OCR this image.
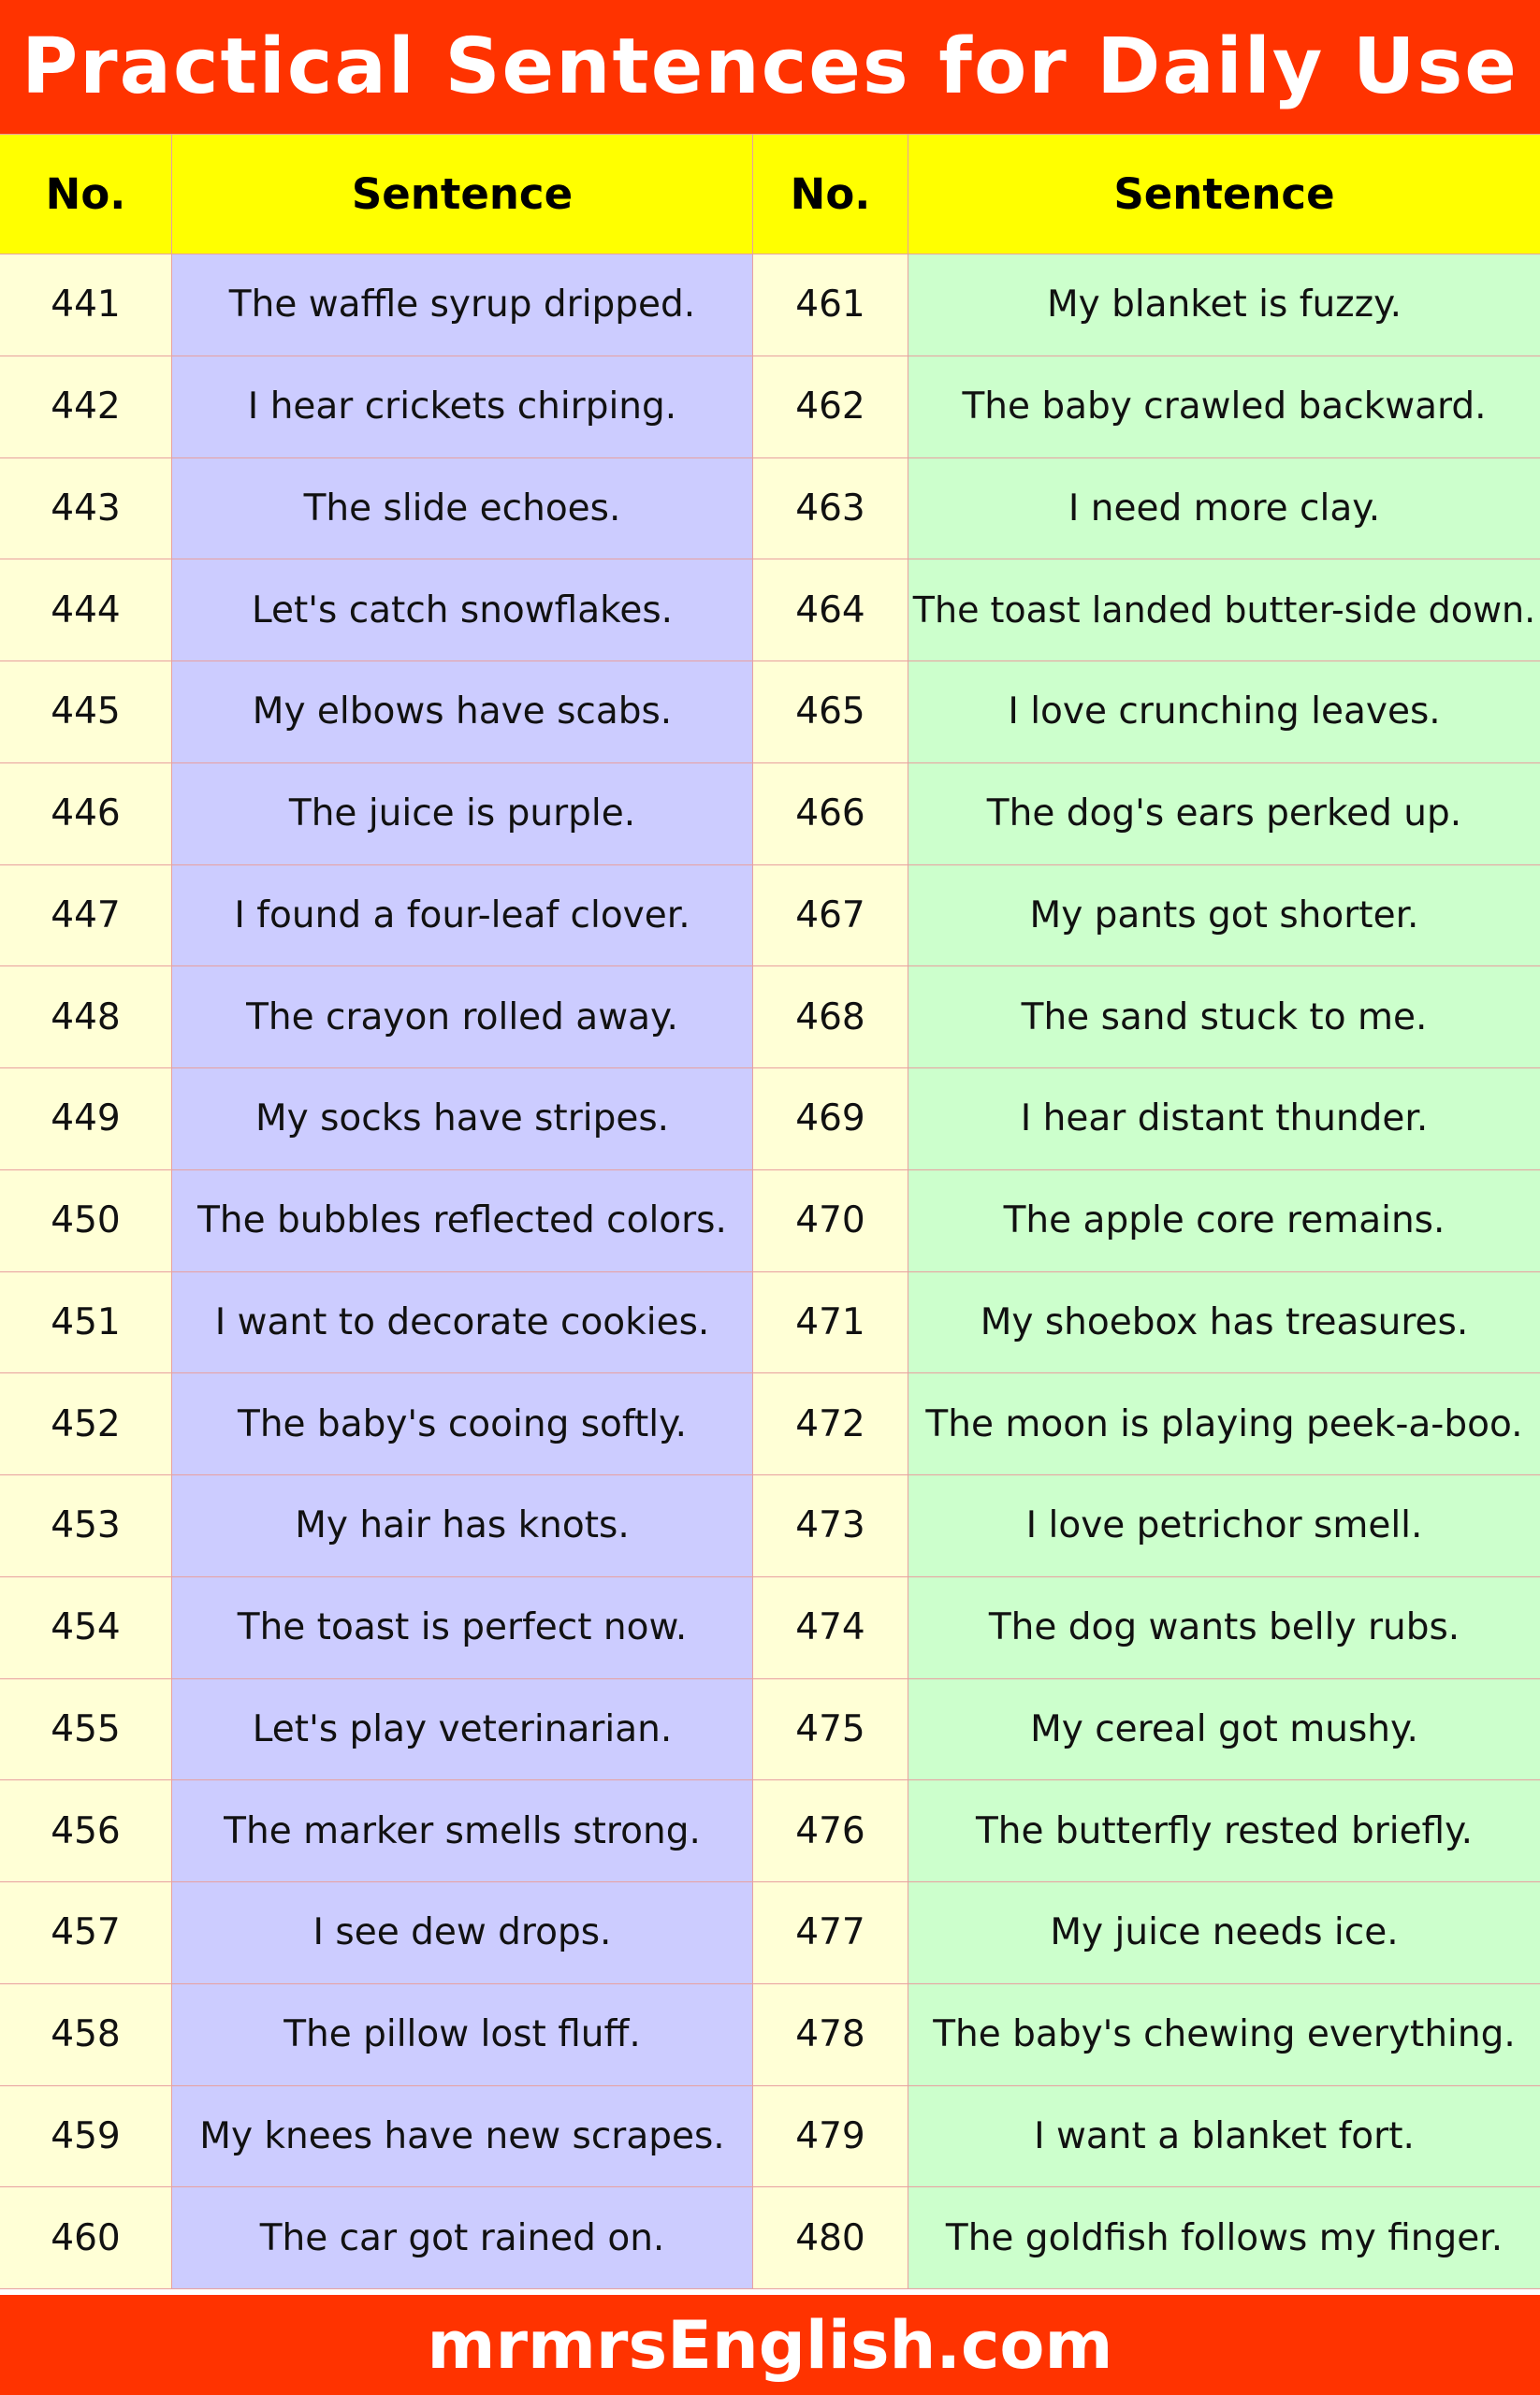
Practical Sentences for Daily Use
No.	Sentence	No.	Sentence
441	The waffle syrup dripped.	461	My blanket is fuzzy.
442	I hear crickets chirping.	462	The baby crawled backward.
443	The slide echoes.	463	I need more clay.
444	Let's catch snowflakes.	464	The toast landed butter-side down.
445	My elbows have scabs.	465	I love crunching leaves.
446	The juice is purple.	466	The dog's ears perked up.
447	I found a four-leaf clover.	467	My pants got shorter.
448	The crayon rolled away.	468	The sand stuck to me.
449	My socks have stripes.	469	I hear distant thunder.
450	The bubbles reflected colors.	470	The apple core remains.
451	I want to decorate cookies.	471	My shoebox has treasures.
452	The baby's cooing softly.	472	The moon is playing peek-a-boo.
453	My hair has knots.	473	I love petrichor smell.
454	The toast is perfect now.	474	The dog wants belly rubs.
455	Let's play veterinarian.	475	My cereal got mushy.
456	The marker smells strong.	476	The butterfly rested briefly.
457	I see dew drops.	477	My juice needs ice.
458	The pillow lost fluff.	478	The baby's chewing everything.
459	My knees have new scrapes.	479	I want a blanket fort.
460	The car got rained on.	480	The goldfish follows my finger.
mrmrsEnglish.com
